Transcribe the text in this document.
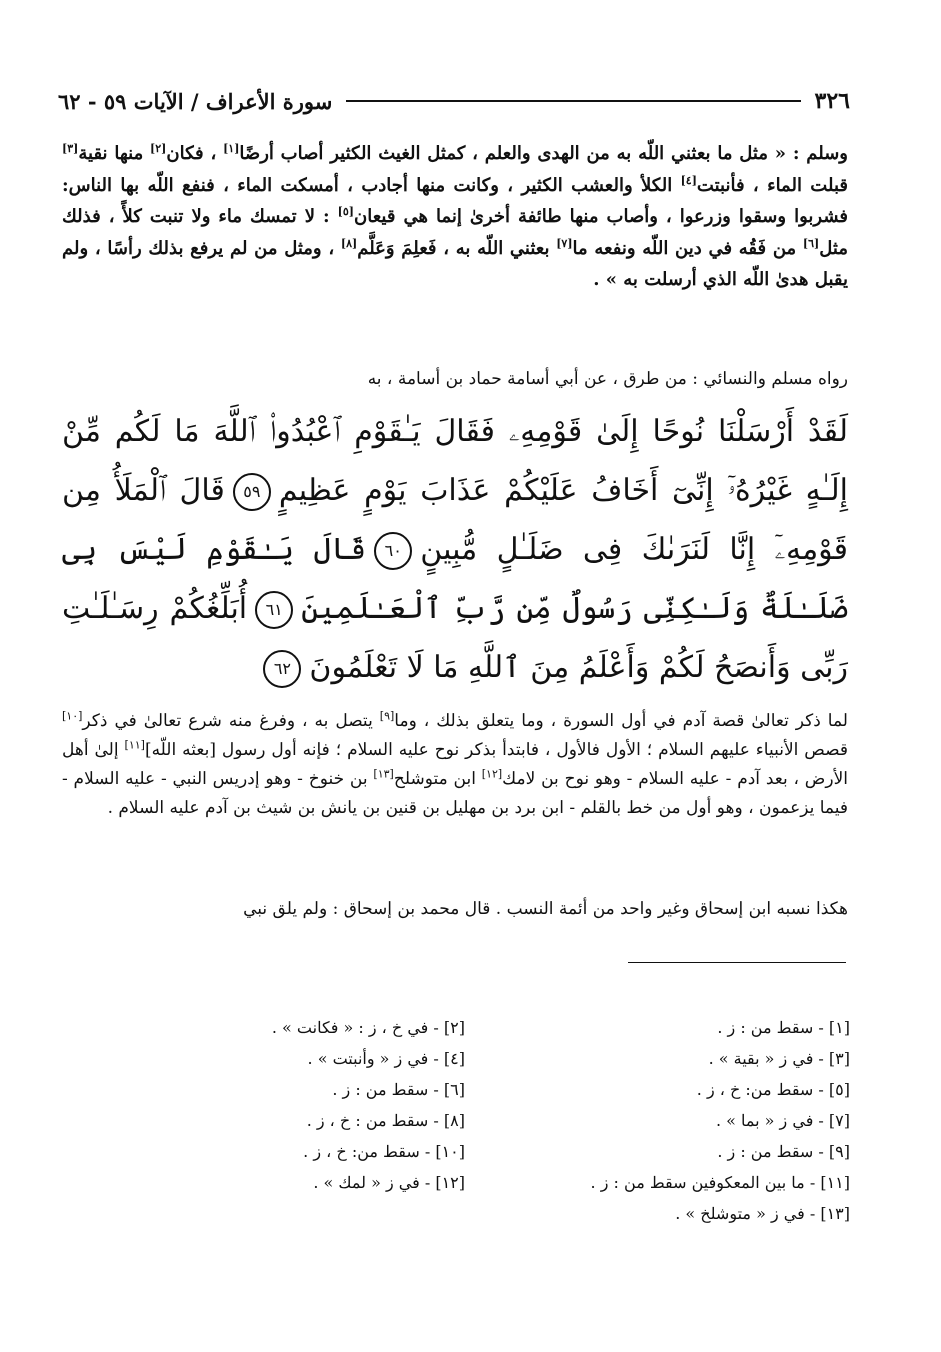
٣٢٦
سورة الأعراف / الآيات ٥٩ - ٦٢
وسلم : « مثل ما بعثني اللّه به من الهدى والعلم ، كمثل الغيث الكثير أصاب أرضًا[١] ، فكان[٢] منها نقية[٣] قبلت الماء ، فأنبتت[٤] الكلأ والعشب الكثير ، وكانت منها أجادب ، أمسكت الماء ، فنفع اللّه بها الناس: فشربوا وسقوا وزرعوا ، وأصاب منها طائفة أخرىٰ إنما هي قيعان[٥] : لا تمسك ماء ولا تنبت كلأً ، فذلك مثل[٦] من فَقُه في دين اللّه ونفعه ما[٧] بعثني اللّه به ، فَعلِمَ وَعَلَّم[٨] ، ومثل من لم يرفع بذلك رأسًا ، ولم يقبل هدىٰ اللّه الذي أرسلت به » .
رواه مسلم والنسائي : من طرق ، عن أبي أسامة حماد بن أسامة ، به
لَقَدْ أَرْسَلْنَا نُوحًا إِلَىٰ قَوْمِهِۦ فَقَالَ يَـٰقَوْمِ ٱعْبُدُوا۟ ٱللَّهَ مَا لَكُم مِّنْ إِلَـٰهٍ غَيْرُهُۥٓ إِنِّىٓ أَخَافُ عَلَيْكُمْ عَذَابَ يَوْمٍ عَظِيمٍ٥٩قَالَ ٱلْمَلَأُ مِن قَوْمِهِۦٓ إِنَّا لَنَرَىٰكَ فِى ضَلَـٰلٍ مُّبِينٍ٦٠قَالَ يَـٰقَوْمِ لَيْسَ بِى ضَلَـٰلَةٌ وَلَـٰكِنِّى رَسُولٌ مِّن رَّبِّ ٱلْعَـٰلَمِينَ٦١أُبَلِّغُكُمْ رِسَـٰلَـٰتِ رَبِّى وَأَنصَحُ لَكُمْ وَأَعْلَمُ مِنَ ٱللَّهِ مَا لَا تَعْلَمُونَ٦٢
لما ذكر تعالىٰ قصة آدم في أول السورة ، وما يتعلق بذلك ، وما[٩] يتصل به ، وفرغ منه شرع تعالىٰ في ذكر[١٠] قصص الأنبياء عليهم السلام ؛ الأول فالأول ، فابتدأ بذكر نوح عليه السلام ؛ فإنه أول رسول [بعثه اللّه][١١] إلىٰ أهل الأرض ، بعد آدم - عليه السلام - وهو نوح بن لامك[١٢] ابن متوشلح[١٣] بن خنوخ - وهو إدريس النبي - عليه السلام - فيما يزعمون ، وهو أول من خط بالقلم - ابن برد بن مهليل بن قنين بن يانش بن شيث بن آدم عليه السلام .
هكذا نسبه ابن إسحاق وغير واحد من أئمة النسب . قال محمد بن إسحاق : ولم يلق نبي
[١] - سقط من : ز .
[٣] - في ز « بقية » .
[٥] - سقط من: خ ، ز .
[٧] - في ز « بما » .
[٩] - سقط من : ز .
[١١] - ما بين المعكوفين سقط من : ز .
[١٣] - في ز « متوشلخ » .
[٢] - في خ ، ز : « فكانت » .
[٤] - في ز « وأنبتت » .
[٦] - سقط من : ز .
[٨] - سقط من : خ ، ز .
[١٠] - سقط من: خ ، ز .
[١٢] - في ز « لمك » .
